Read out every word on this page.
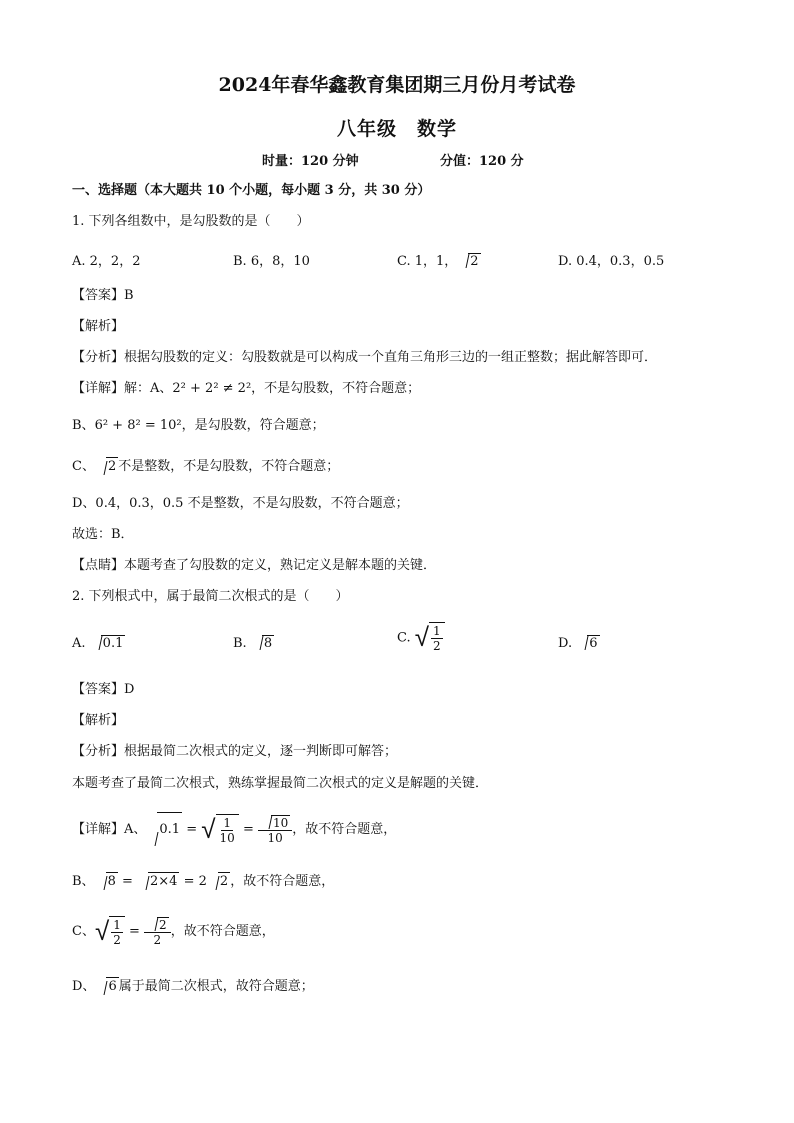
2024年春华鑫教育集团期三月份月考试卷
八年级　数学
时量：120 分钟	分值：120 分
一、选择题（本大题共 10 个小题，每小题 3 分，共 30 分）
1. 下列各组数中，是勾股数的是（　　）
A. 2，2，2	B. 6，8，10	C. 1，1， 2	D. 0.4，0.3，0.5
【答案】B
【解析】
【分析】根据勾股数的定义：勾股数就是可以构成一个直角三角形三边的一组正整数；据此解答即可．
【详解】解：A、2² + 2² ≠ 2²，不是勾股数，不符合题意；
B、6² + 8² = 10²，是勾股数，符合题意；
C、 2 不是整数，不是勾股数，不符合题意；
D、0.4，0.3，0.5 不是整数，不是勾股数，不符合题意；
故选：B．
【点睛】本题考查了勾股数的定义，熟记定义是解本题的关键．
2. 下列根式中，属于最简二次根式的是（　　）
A. 0.1	B. 8	C. √ $\frac{1}{2}$	D. 6
【答案】D
【解析】
【分析】根据最简二次根式的定义，逐一判断即可解答；
本题考查了最简二次根式，熟练掌握最简二次根式的定义是解题的关键．
【详解】A、 0.1 = √ $\frac{1}{10} = \frac{10}{10}$ ，故不符合题意，
B、 8 = 2×4 = 2 2 ，故不符合题意，
C、 √ $\frac{1}{2} = \frac{2}{2}$ ，故不符合题意，
D、 6 属于最简二次根式，故符合题意；
